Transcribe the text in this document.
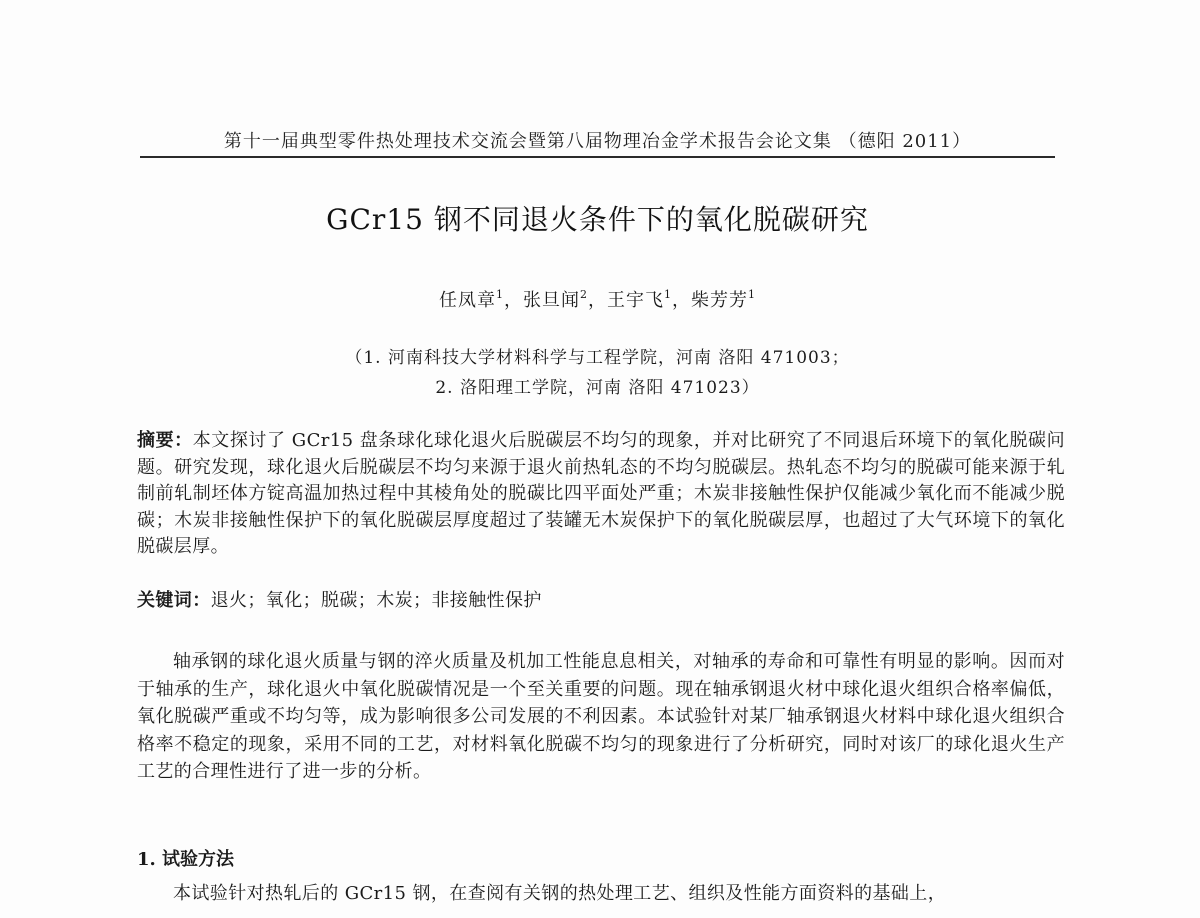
第十一届典型零件热处理技术交流会暨第八届物理冶金学术报告会论文集 （德阳 2011）
GCr15 钢不同退火条件下的氧化脱碳研究
任凤章$^1$，张旦闻$^2$，王宇飞$^1$，柴芳芳$^1$
（1. 河南科技大学材料科学与工程学院，河南 洛阳 471003；
2. 洛阳理工学院，河南 洛阳 471023）

摘要：本文探讨了 GCr15 盘条球化球化退火后脱碳层不均匀的现象，并对比研究了不同退后环境下的氧化脱碳问题。研究发现，球化退火后脱碳层不均匀来源于退火前热轧态的不均匀脱碳层。热轧态不均匀的脱碳可能来源于轧制前轧制坯体方锭高温加热过程中其棱角处的脱碳比四平面处严重；木炭非接触性保护仅能减少氧化而不能减少脱碳；木炭非接触性保护下的氧化脱碳层厚度超过了装罐无木炭保护下的氧化脱碳层厚，也超过了大气环境下的氧化脱碳层厚。

关键词：退火；氧化；脱碳；木炭；非接触性保护

轴承钢的球化退火质量与钢的淬火质量及机加工性能息息相关，对轴承的寿命和可靠性有明显的影响。因而对于轴承的生产，球化退火中氧化脱碳情况是一个至关重要的问题。现在轴承钢退火材中球化退火组织合格率偏低，氧化脱碳严重或不均匀等，成为影响很多公司发展的不利因素。本试验针对某厂轴承钢退火材料中球化退火组织合格率不稳定的现象，采用不同的工艺，对材料氧化脱碳不均匀的现象进行了分析研究，同时对该厂的球化退火生产工艺的合理性进行了进一步的分析。

1. 试验方法

本试验针对热轧后的 GCr15 钢，在查阅有关钢的热处理工艺、组织及性能方面资料的基础上，
